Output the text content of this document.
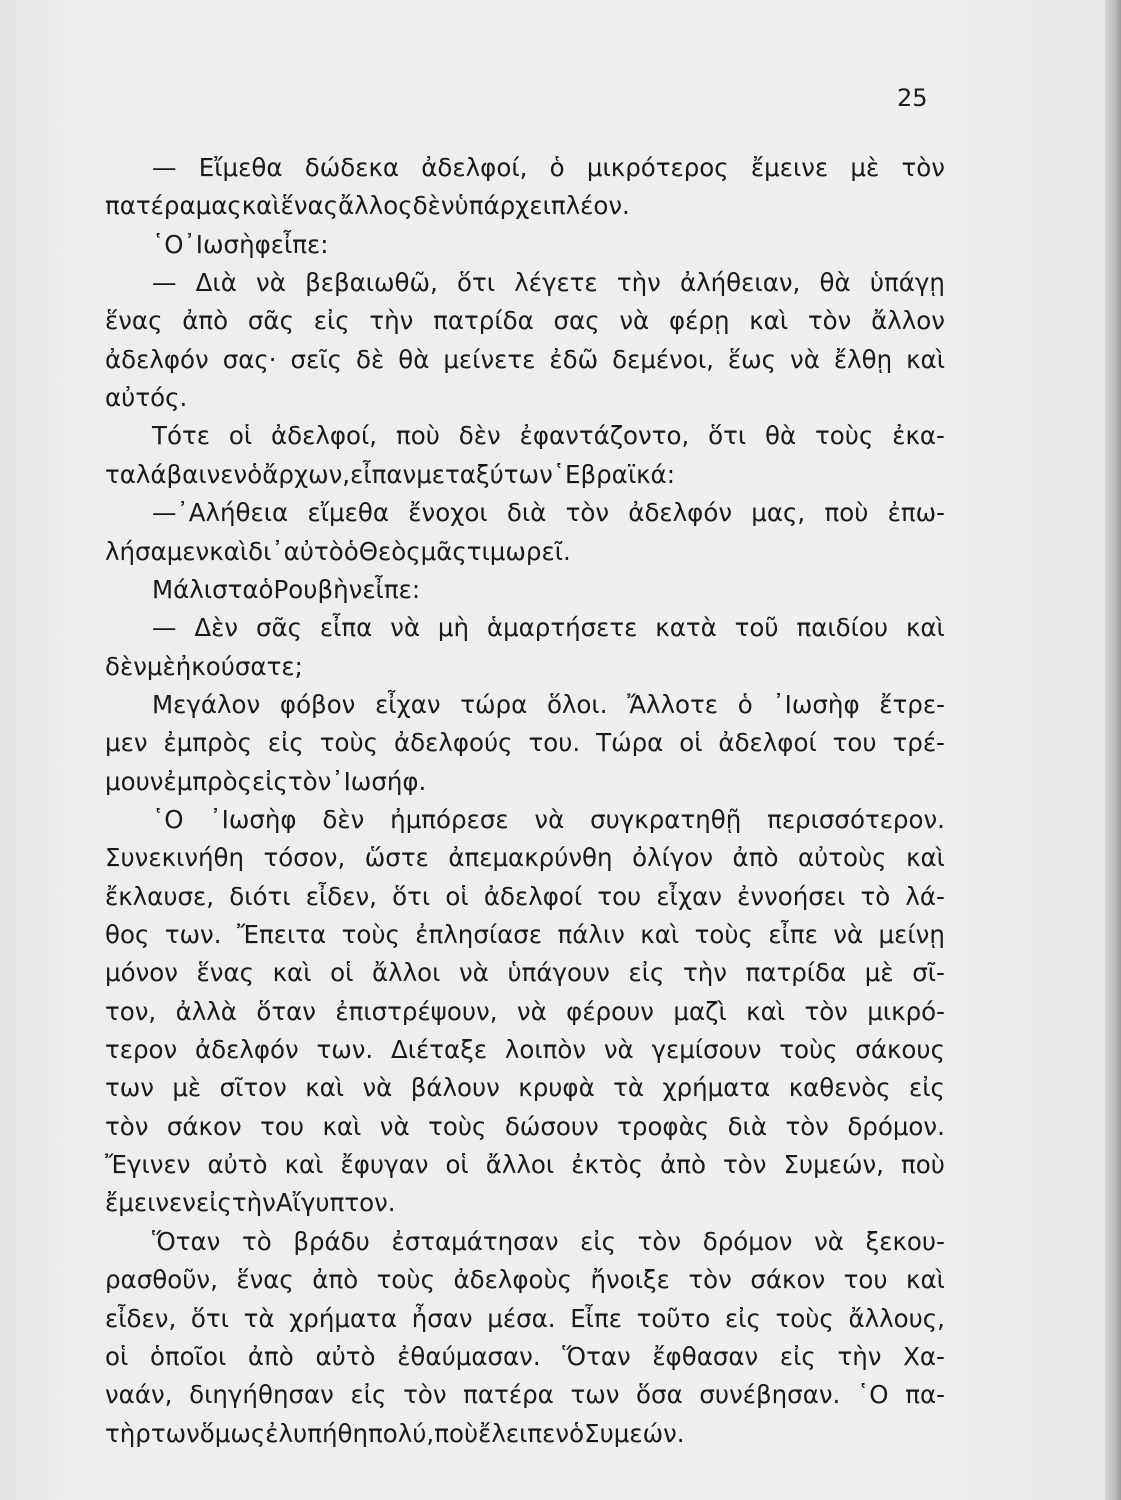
25
— Εἴμεθα δώδεκα ἀδελφοί, ὁ μικρότερος ἔμεινε μὲ τὸν
πατέρα μας καὶ ἕνας ἄλλος δὲν ὑπάρχει πλέον.
῾Ο ᾿Ιωσὴφ εἶπε :
— Διὰ νὰ βεβαιωθῶ, ὅτι λέγετε τὴν ἀλήθειαν, θὰ ὑπάγῃ
ἕνας ἀπὸ σᾶς εἰς τὴν πατρίδα σας νὰ φέρῃ καὶ τὸν ἄλλον
ἀδελφόν σας· σεῖς δὲ θὰ μείνετε ἐδῶ δεμένοι, ἕως νὰ ἔλθῃ καὶ
αὐτός.
Τότε οἱ ἀδελφοί, ποὺ δὲν ἐφαντάζοντο, ὅτι θὰ τοὺς ἐκα-
ταλάβαινεν ὁ ἄρχων, εἶπαν μεταξύ των ῾Εβραϊκά :
—᾿Αλήθεια εἴμεθα ἔνοχοι διὰ τὸν ἀδελφόν μας, ποὺ ἐπω-
λήσαμεν καὶ δι᾿ αὐτὸ ὁ Θεὸς μᾶς τιμωρεῖ.
Μάλιστα ὁ Ρουβὴν εἶπε :
— Δὲν σᾶς εἶπα νὰ μὴ ἁμαρτήσετε κατὰ τοῦ παιδίου καὶ
δὲν μὲ ἠκούσατε ;
Μεγάλον φόβον εἶχαν τώρα ὅλοι. Ἄλλοτε ὁ ᾿Ιωσὴφ ἔτρε-
μεν ἐμπρὸς εἰς τοὺς ἀδελφούς του. Τώρα οἱ ἀδελφοί του τρέ-
μουν ἐμπρὸς εἰς τὸν ᾿Ιωσήφ.
῾Ο ᾿Ιωσὴφ δὲν ἠμπόρεσε νὰ συγκρατηθῇ περισσότερον.
Συνεκινήθη τόσον, ὥστε ἀπεμακρύνθη ὀλίγον ἀπὸ αὐτοὺς καὶ
ἔκλαυσε, διότι εἶδεν, ὅτι οἱ ἀδελφοί του εἶχαν ἐννοήσει τὸ λά-
θος των. Ἔπειτα τοὺς ἐπλησίασε πάλιν καὶ τοὺς εἶπε νὰ μείνῃ
μόνον ἕνας καὶ οἱ ἄλλοι νὰ ὑπάγουν εἰς τὴν πατρίδα μὲ σῖ-
τον, ἀλλὰ ὅταν ἐπιστρέψουν, νὰ φέρουν μαζὶ καὶ τὸν μικρό-
τερον ἀδελφόν των. Διέταξε λοιπὸν νὰ γεμίσουν τοὺς σάκους
των μὲ σῖτον καὶ νὰ βάλουν κρυφὰ τὰ χρήματα καθενὸς εἰς
τὸν σάκον του καὶ νὰ τοὺς δώσουν τροφὰς διὰ τὸν δρόμον.
Ἔγινεν αὐτὸ καὶ ἔφυγαν οἱ ἄλλοι ἐκτὸς ἀπὸ τὸν Συμεών, ποὺ
ἔμεινεν εἰς τὴν Αἴγυπτον.
Ὅταν τὸ βράδυ ἐσταμάτησαν εἰς τὸν δρόμον νὰ ξεκου-
ρασθοῦν, ἕνας ἀπὸ τοὺς ἀδελφοὺς ἤνοιξε τὸν σάκον του καὶ
εἶδεν, ὅτι τὰ χρήματα ἦσαν μέσα. Εἶπε τοῦτο εἰς τοὺς ἄλλους,
οἱ ὁποῖοι ἀπὸ αὐτὸ ἐθαύμασαν. Ὅταν ἔφθασαν εἰς τὴν Χα-
ναάν, διηγήθησαν εἰς τὸν πατέρα των ὅσα συνέβησαν. ῾Ο πα-
τὴρ των ὅμως ἐλυπήθη πολύ, ποὺ ἔλειπεν ὁ Συμεών.
